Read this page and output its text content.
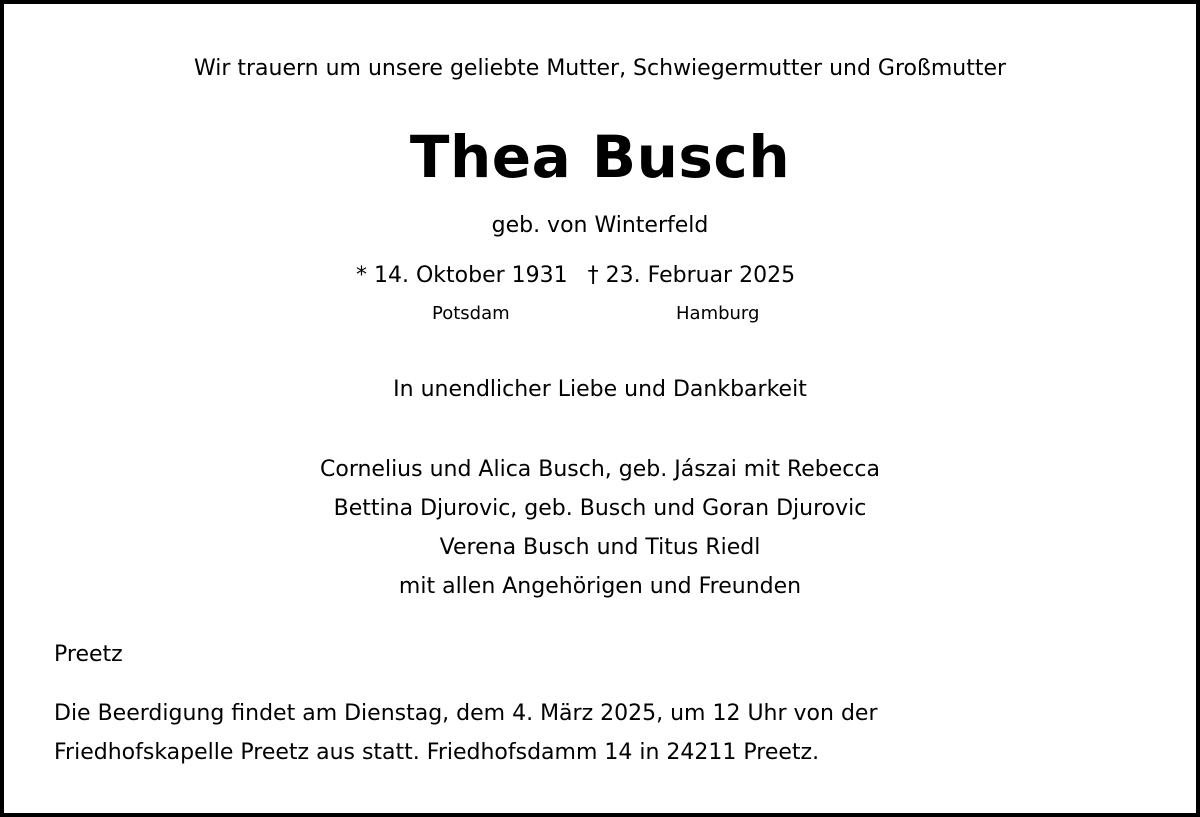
Wir trauern um unsere geliebte Mutter, Schwiegermutter und Großmutter
Thea Busch
geb. von Winterfeld
* 14. Oktober 1931 † 23. Februar 2025
Potsdam	Hamburg
In unendlicher Liebe und Dankbarkeit
Cornelius und Alica Busch, geb. Jászai mit Rebecca
Bettina Djurovic, geb. Busch und Goran Djurovic
Verena Busch und Titus Riedl
mit allen Angehörigen und Freunden
Preetz
Die Beerdigung findet am Dienstag, dem 4. März 2025, um 12 Uhr von der
Friedhofskapelle Preetz aus statt. Friedhofsdamm 14 in 24211 Preetz.
